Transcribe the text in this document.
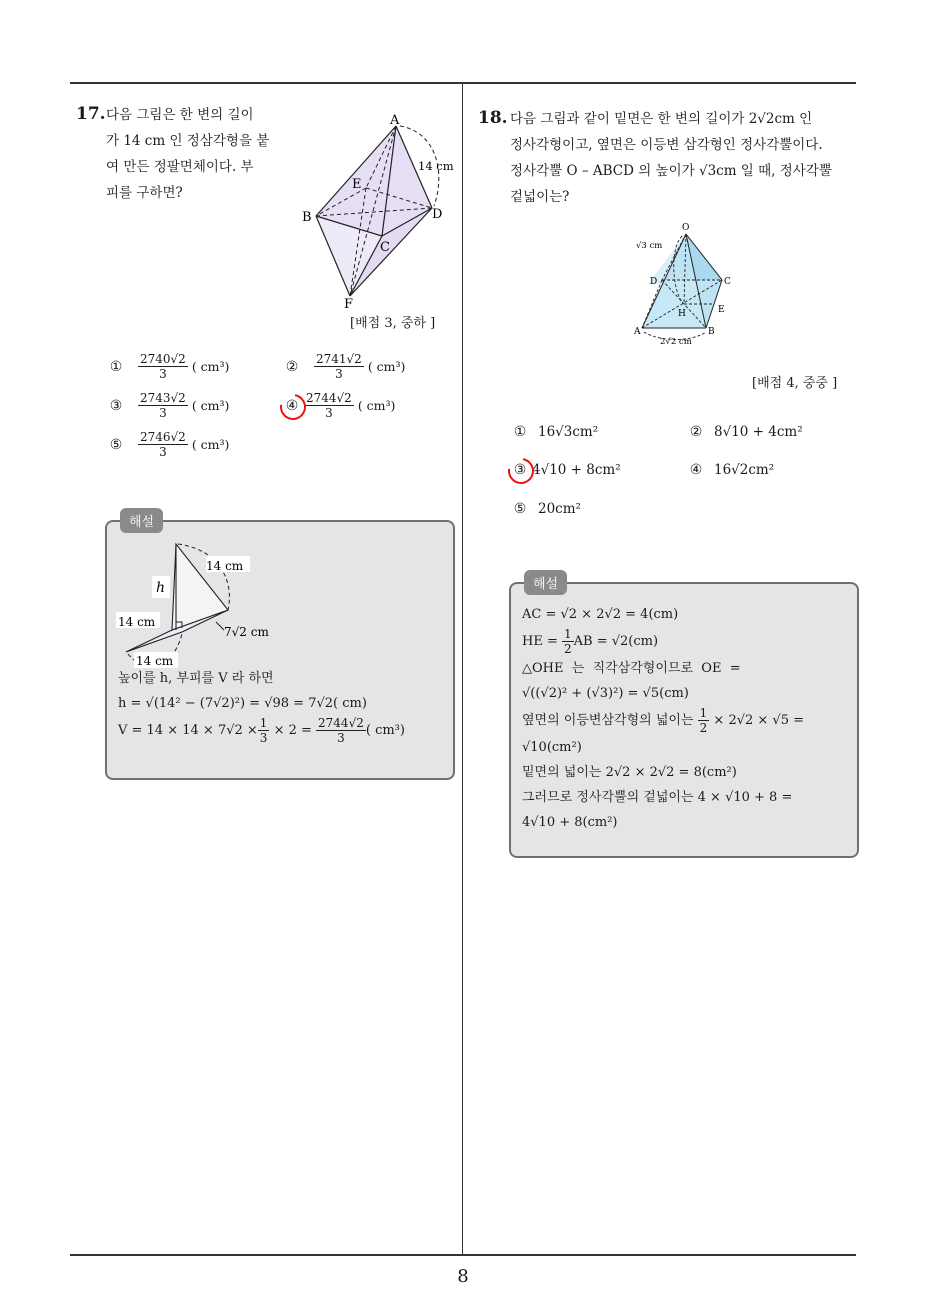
8
17. 다음 그림은 한 변의 길이
가 14 cm 인 정삼각형을 붙
여 만든 정팔면체이다. 부
피를 구하면?
A
B
C
D
E
F
14 cm
[배점 3, 중하 ]
① $\frac{2740√2}{3}$ ( cm³)	② $\frac{2741√2}{3}$ ( cm³)
③ $\frac{2743√2}{3}$ ( cm³)	④ $\frac{2744√2}{3}$ ( cm³)
⑤ $\frac{2746√2}{3}$ ( cm³)
해설
h
14 cm
14 cm
14 cm
7√2 cm
높이를 h, 부피를 V 라 하면
h = √(14² − (7√2)²) = √98 = 7√2( cm)
$V = 14 \times 14 \times 7√2 \times \frac{1}{3} \times 2 = \frac{2744√2}{3}$ ( cm³)
18. 다음 그림과 같이 밑면은 한 변의 길이가 2√2cm 인
정사각형이고, 옆면은 이등변 삼각형인 정사각뿔이다.
정사각뿔 O – ABCD 의 높이가 √3cm 일 때, 정사각뿔
겉넓이는?
O
D	C
E
H
A	B
√3 cm
2√2 cm
[배점 4, 중중 ]
① 16√3cm²	② 8√10 + 4cm²
③ 4√10 + 8cm²	④ 16√2cm²
⑤ 20cm²
해설
AC = √2 × 2√2 = 4(cm)
HE = $\frac{1}{2}$ AB = √2(cm)
△OHE  는  직각삼각형이므로  OE  =
√((√2)² + (√3)²) = √5(cm)
옆면의 이등변삼각형의 넓이는 $\frac{1}{2} \times 2√2 \times √5$ =
√10(cm²)
밑면의 넓이는 2√2 × 2√2 = 8(cm²)
그러므로 정사각뿔의 겉넓이는 4 × √10 + 8 =
4√10 + 8(cm²)
